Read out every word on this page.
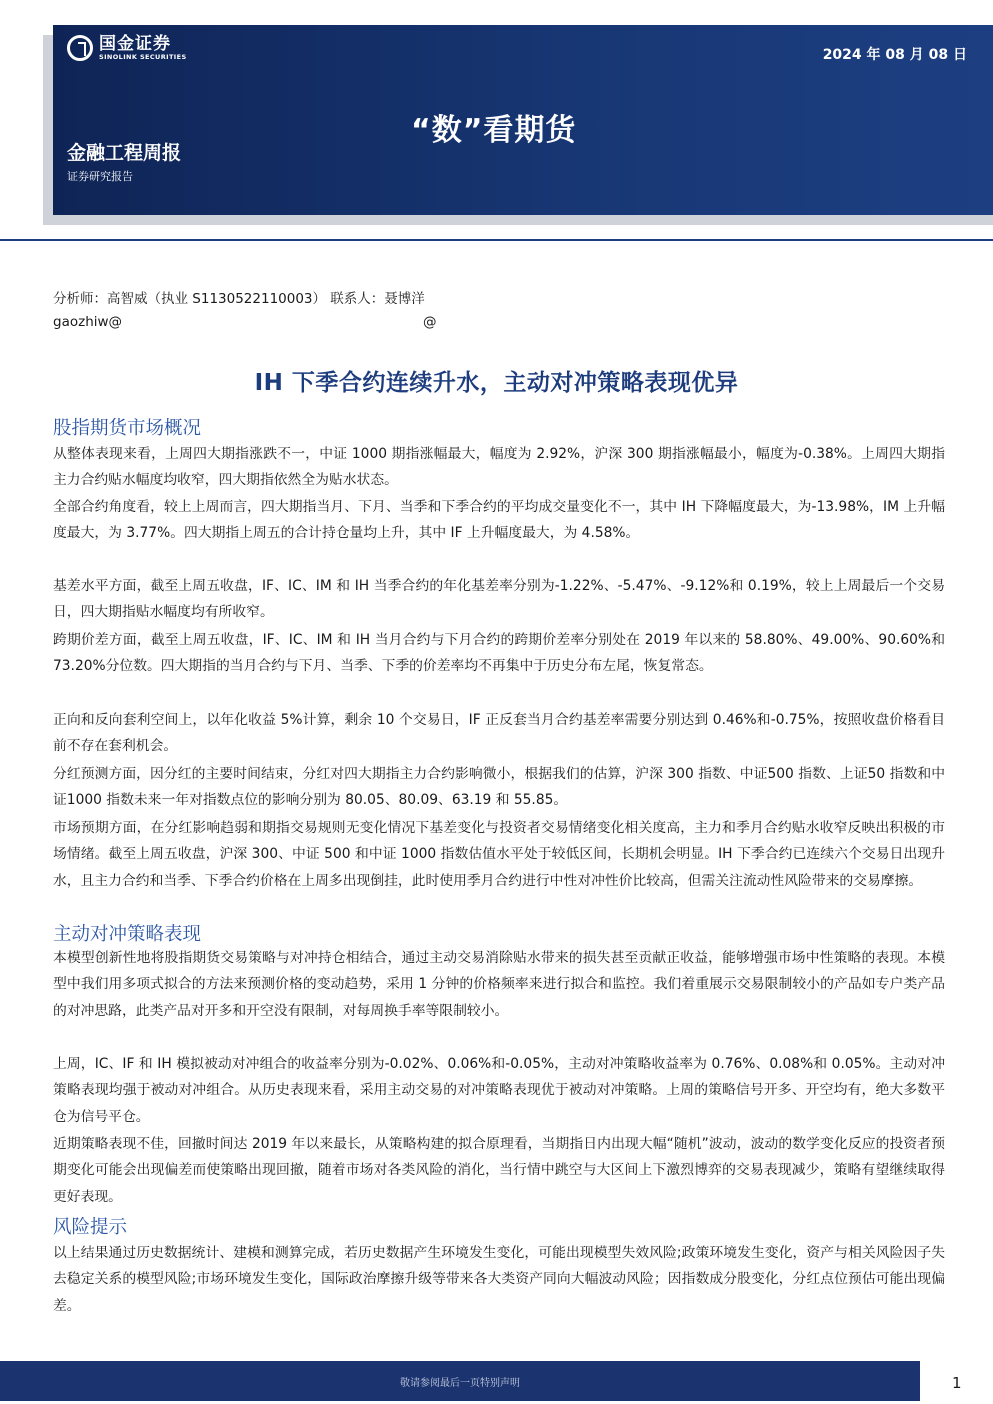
国金证券
SINOLINK SECURITIES	2024 年 08 月 08 日
“数”看期货
金融工程周报
证券研究报告
分析师：高智威（执业 S1130522110003） 联系人：聂博洋
gaozhiw@	@
IH 下季合约连续升水，主动对冲策略表现优异
股指期货市场概况

从整体表现来看，上周四大期指涨跌不一，中证 1000 期指涨幅最大，幅度为 2.92%，沪深 300 期指涨幅最小，幅度为-0.38%。上周四大期指主力合约贴水幅度均收窄，四大期指依然全为贴水状态。

全部合约角度看，较上上周而言，四大期指当月、下月、当季和下季合约的平均成交量变化不一，其中 IH 下降幅度最大，为-13.98%，IM 上升幅度最大，为 3.77%。四大期指上周五的合计持仓量均上升，其中 IF 上升幅度最大，为 4.58%。

基差水平方面，截至上周五收盘，IF、IC、IM 和 IH 当季合约的年化基差率分别为-1.22%、-5.47%、-9.12%和 0.19%，较上上周最后一个交易日，四大期指贴水幅度均有所收窄。

跨期价差方面，截至上周五收盘，IF、IC、IM 和 IH 当月合约与下月合约的跨期价差率分别处在 2019 年以来的 58.80%、49.00%、90.60%和 73.20%分位数。四大期指的当月合约与下月、当季、下季的价差率均不再集中于历史分布左尾，恢复常态。

正向和反向套利空间上，以年化收益 5%计算，剩余 10 个交易日，IF 正反套当月合约基差率需要分别达到 0.46%和-0.75%，按照收盘价格看目前不存在套利机会。

分红预测方面，因分红的主要时间结束，分红对四大期指主力合约影响微小，根据我们的估算，沪深 300 指数、中证500 指数、上证50 指数和中证1000 指数未来一年对指数点位的影响分别为 80.05、80.09、63.19 和 55.85。

市场预期方面，在分红影响趋弱和期指交易规则无变化情况下基差变化与投资者交易情绪变化相关度高，主力和季月合约贴水收窄反映出积极的市场情绪。截至上周五收盘，沪深 300、中证 500 和中证 1000 指数估值水平处于较低区间，长期机会明显。IH 下季合约已连续六个交易日出现升水，且主力合约和当季、下季合约价格在上周多出现倒挂，此时使用季月合约进行中性对冲性价比较高，但需关注流动性风险带来的交易摩擦。

主动对冲策略表现

本模型创新性地将股指期货交易策略与对冲持仓相结合，通过主动交易消除贴水带来的损失甚至贡献正收益，能够增强市场中性策略的表现。本模型中我们用多项式拟合的方法来预测价格的变动趋势，采用 1 分钟的价格频率来进行拟合和监控。我们着重展示交易限制较小的产品如专户类产品的对冲思路，此类产品对开多和开空没有限制，对每周换手率等限制较小。

上周，IC、IF 和 IH 模拟被动对冲组合的收益率分别为-0.02%、0.06%和-0.05%，主动对冲策略收益率为 0.76%、0.08%和 0.05%。主动对冲策略表现均强于被动对冲组合。从历史表现来看，采用主动交易的对冲策略表现优于被动对冲策略。上周的策略信号开多、开空均有，绝大多数平仓为信号平仓。

近期策略表现不佳，回撤时间达 2019 年以来最长，从策略构建的拟合原理看，当期指日内出现大幅“随机”波动，波动的数学变化反应的投资者预期变化可能会出现偏差而使策略出现回撤，随着市场对各类风险的消化，当行情中跳空与大区间上下激烈博弈的交易表现减少，策略有望继续取得更好表现。

风险提示

以上结果通过历史数据统计、建模和测算完成，若历史数据产生环境发生变化，可能出现模型失效风险;政策环境发生变化，资产与相关风险因子失去稳定关系的模型风险;市场环境发生变化，国际政治摩擦升级等带来各大类资产同向大幅波动风险；因指数成分股变化，分红点位预估可能出现偏差。

敬请参阅最后一页特别声明	1
